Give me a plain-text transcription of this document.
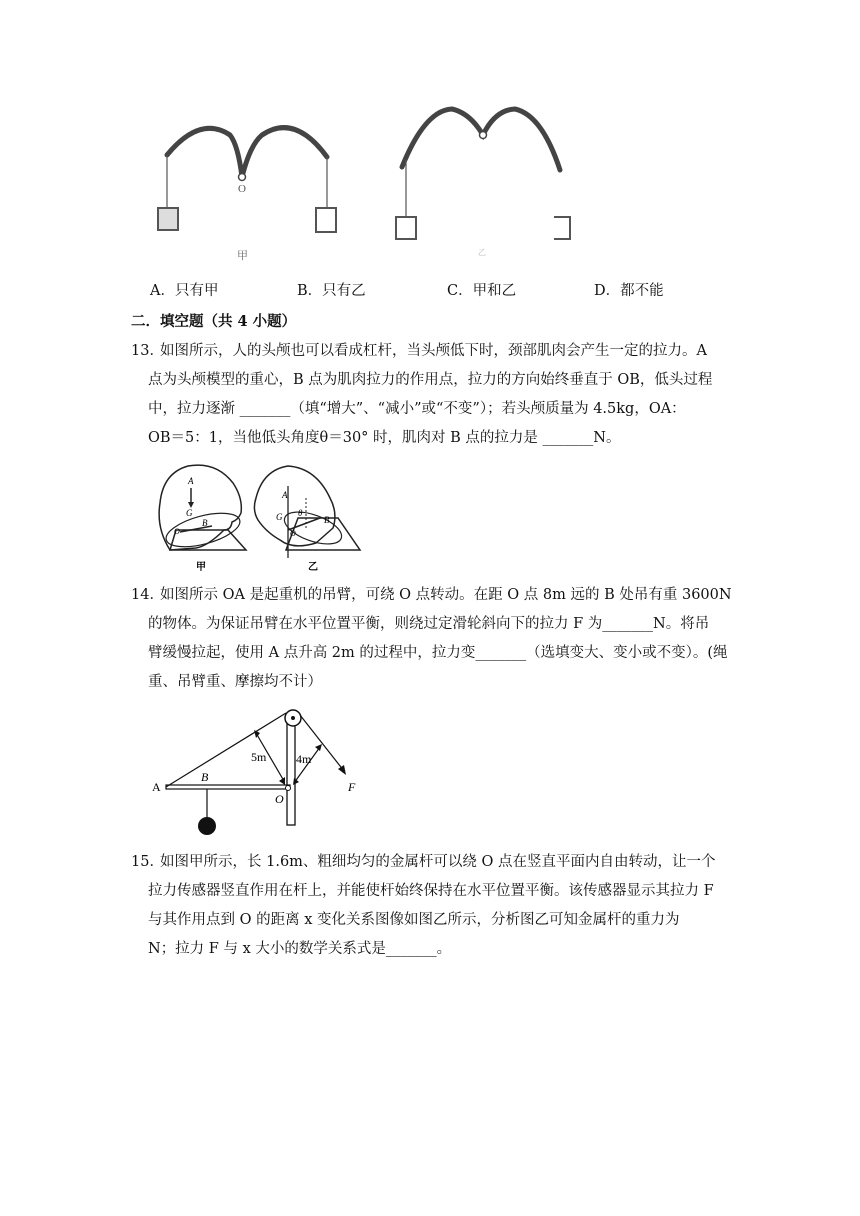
O
甲	乙
A．只有甲	B．只有乙	C．甲和乙	D．都不能
二．填空题（共 4 小题）
13．
如图所示，人的头颅也可以看成杠杆，当头颅低下时，颈部肌肉会产生一定的拉力。A
点为头颅模型的重心，B 点为肌肉拉力的作用点，拉力的方向始终垂直于 OB，低头过程
中，拉力逐渐 _______（填“增大”、“减小”或“不变”）；若头颅质量为 4.5kg，OA：
OB＝5：1，当他低头角度θ＝30° 时，肌肉对 B 点的拉力是 _______N。
A
G
B
O
甲
A
G θ
B
O
乙
14．
如图所示 OA 是起重机的吊臂，可绕 O 点转动。在距 O 点 8m 远的 B 处吊有重 3600N
的物体。为保证吊臂在水平位置平衡，则绕过定滑轮斜向下的拉力 F 为_______N。将吊
臂缓慢拉起，使用 A 点升高 2m 的过程中，拉力变_______（选填变大、变小或不变）。(绳
重、吊臂重、摩擦均不计）
A
B
O
F
5m 4m
15．
如图甲所示，长 1.6m、粗细均匀的金属杆可以绕 O 点在竖直平面内自由转动，让一个
拉力传感器竖直作用在杆上，并能使杆始终保持在水平位置平衡。该传感器显示其拉力 F
与其作用点到 O 的距离 x 变化关系图像如图乙所示，分析图乙可知金属杆的重力为
N；拉力 F 与 x 大小的数学关系式是_______。
